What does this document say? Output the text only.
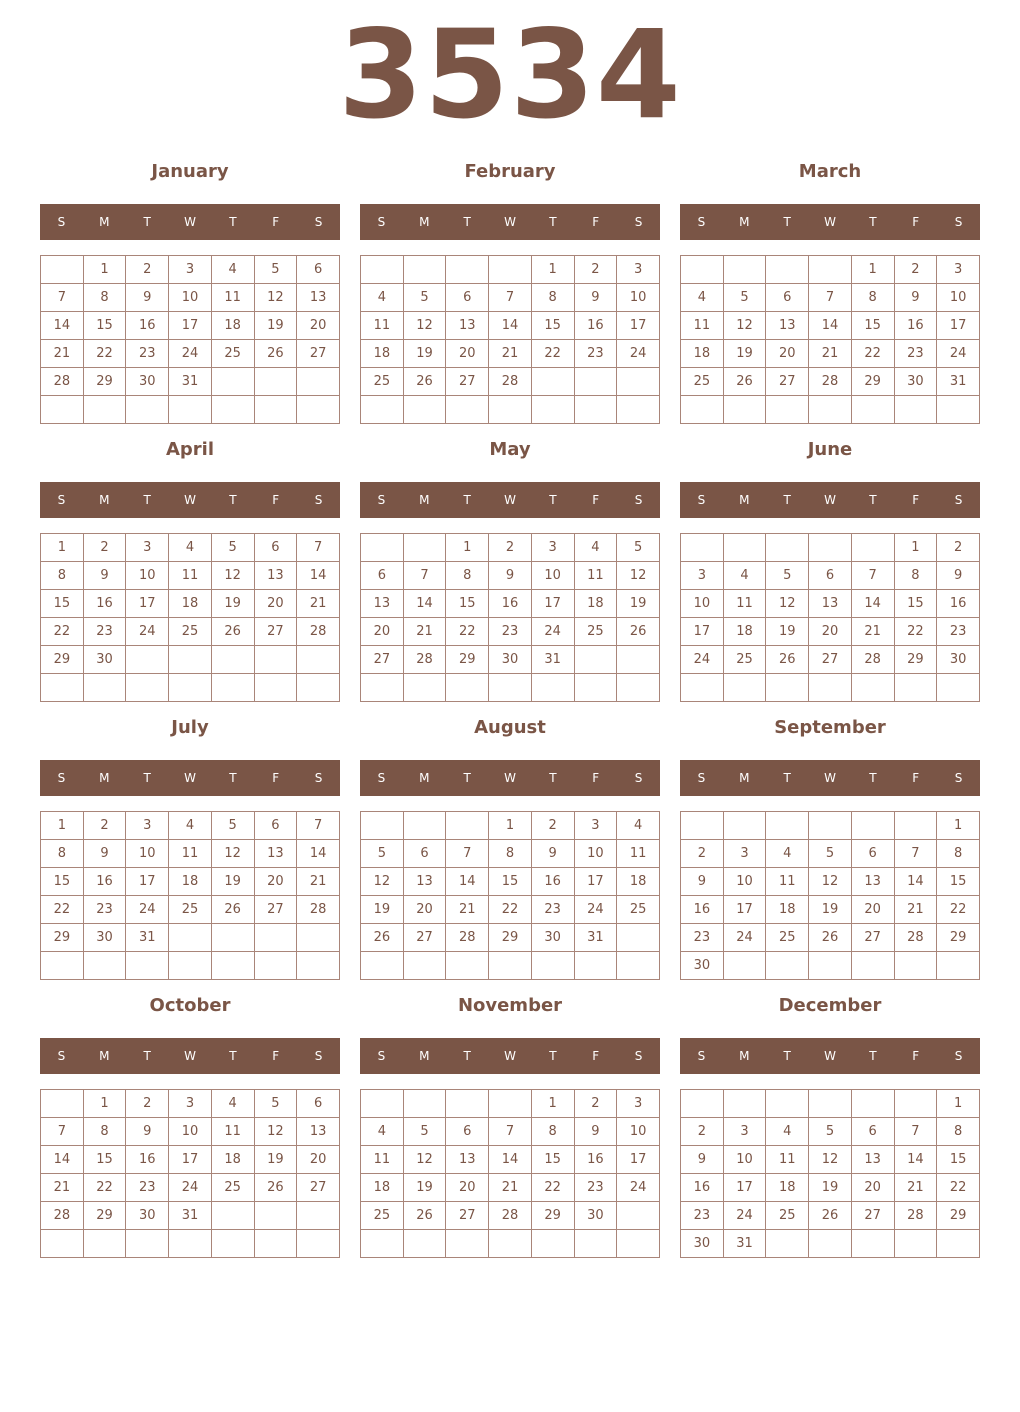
3534
January
S	M	T	W	T	F	S
	1	2	3	4	5	6
7	8	9	10	11	12	13
14	15	16	17	18	19	20
21	22	23	24	25	26	27
28	29	30	31			

February
S	M	T	W	T	F	S
				1	2	3
4	5	6	7	8	9	10
11	12	13	14	15	16	17
18	19	20	21	22	23	24
25	26	27	28			

March
S	M	T	W	T	F	S
				1	2	3
4	5	6	7	8	9	10
11	12	13	14	15	16	17
18	19	20	21	22	23	24
25	26	27	28	29	30	31

April
S	M	T	W	T	F	S
1	2	3	4	5	6	7
8	9	10	11	12	13	14
15	16	17	18	19	20	21
22	23	24	25	26	27	28
29	30					

May
S	M	T	W	T	F	S
		1	2	3	4	5
6	7	8	9	10	11	12
13	14	15	16	17	18	19
20	21	22	23	24	25	26
27	28	29	30	31		

June
S	M	T	W	T	F	S
					1	2
3	4	5	6	7	8	9
10	11	12	13	14	15	16
17	18	19	20	21	22	23
24	25	26	27	28	29	30

July
S	M	T	W	T	F	S
1	2	3	4	5	6	7
8	9	10	11	12	13	14
15	16	17	18	19	20	21
22	23	24	25	26	27	28
29	30	31				

August
S	M	T	W	T	F	S
			1	2	3	4
5	6	7	8	9	10	11
12	13	14	15	16	17	18
19	20	21	22	23	24	25
26	27	28	29	30	31	

September
S	M	T	W	T	F	S
						1
2	3	4	5	6	7	8
9	10	11	12	13	14	15
16	17	18	19	20	21	22
23	24	25	26	27	28	29
30						
October
S	M	T	W	T	F	S
	1	2	3	4	5	6
7	8	9	10	11	12	13
14	15	16	17	18	19	20
21	22	23	24	25	26	27
28	29	30	31			

November
S	M	T	W	T	F	S
				1	2	3
4	5	6	7	8	9	10
11	12	13	14	15	16	17
18	19	20	21	22	23	24
25	26	27	28	29	30	

December
S	M	T	W	T	F	S
						1
2	3	4	5	6	7	8
9	10	11	12	13	14	15
16	17	18	19	20	21	22
23	24	25	26	27	28	29
30	31					
